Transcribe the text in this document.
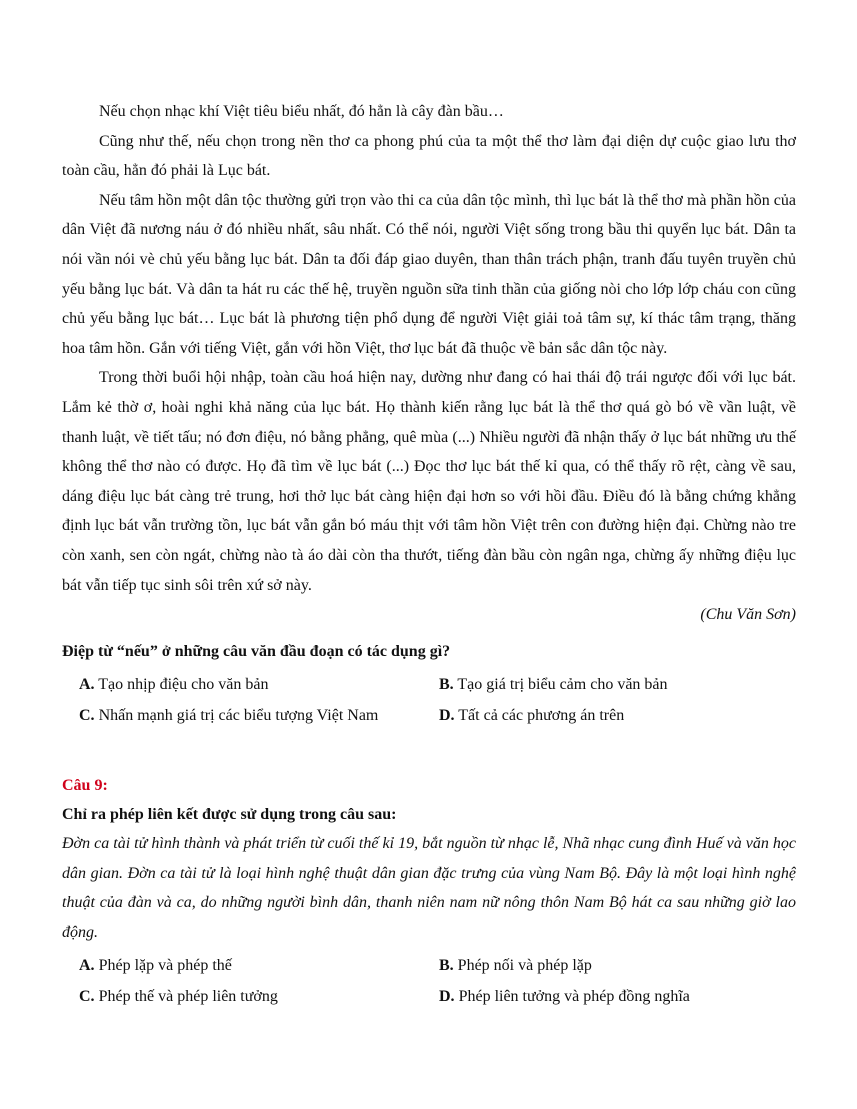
Nếu chọn nhạc khí Việt tiêu biểu nhất, đó hẳn là cây đàn bầu…

Cũng như thế, nếu chọn trong nền thơ ca phong phú của ta một thể thơ làm đại diện dự cuộc giao lưu thơ toàn cầu, hẳn đó phải là Lục bát.

Nếu tâm hồn một dân tộc thường gửi trọn vào thi ca của dân tộc mình, thì lục bát là thể thơ mà phần hồn của dân Việt đã nương náu ở đó nhiều nhất, sâu nhất. Có thể nói, người Việt sống trong bầu thi quyển lục bát. Dân ta nói vần nói vè chủ yếu bằng lục bát. Dân ta đối đáp giao duyên, than thân trách phận, tranh đấu tuyên truyền chủ yếu bằng lục bát. Và dân ta hát ru các thế hệ, truyền nguồn sữa tinh thần của giống nòi cho lớp lớp cháu con cũng chủ yếu bằng lục bát… Lục bát là phương tiện phổ dụng để người Việt giải toả tâm sự, kí thác tâm trạng, thăng hoa tâm hồn. Gắn với tiếng Việt, gắn với hồn Việt, thơ lục bát đã thuộc về bản sắc dân tộc này.

Trong thời buổi hội nhập, toàn cầu hoá hiện nay, dường như đang có hai thái độ trái ngược đối với lục bát. Lắm kẻ thờ ơ, hoài nghi khả năng của lục bát. Họ thành kiến rằng lục bát là thể thơ quá gò bó về vần luật, về thanh luật, về tiết tấu; nó đơn điệu, nó bằng phẳng, quê mùa (...) Nhiều người đã nhận thấy ở lục bát những ưu thế không thể thơ nào có được. Họ đã tìm về lục bát (...) Đọc thơ lục bát thế kỉ qua, có thể thấy rõ rệt, càng về sau, dáng điệu lục bát càng trẻ trung, hơi thở lục bát càng hiện đại hơn so với hồi đầu. Điều đó là bằng chứng khẳng định lục bát vẫn trường tồn, lục bát vẫn gắn bó máu thịt với tâm hồn Việt trên con đường hiện đại. Chừng nào tre còn xanh, sen còn ngát, chừng nào tà áo dài còn tha thướt, tiếng đàn bầu còn ngân nga, chừng ấy những điệu lục bát vẫn tiếp tục sinh sôi trên xứ sở này.

(Chu Văn Sơn)

Điệp từ “nếu” ở những câu văn đầu đoạn có tác dụng gì?

A. Tạo nhịp điệu cho văn bản	B. Tạo giá trị biểu cảm cho văn bản
C. Nhấn mạnh giá trị các biểu tượng Việt Nam	D. Tất cả các phương án trên

Câu 9:

Chỉ ra phép liên kết được sử dụng trong câu sau:

Đờn ca tài tử hình thành và phát triển từ cuối thế kỉ 19, bắt nguồn từ nhạc lễ, Nhã nhạc cung đình Huế và văn học dân gian. Đờn ca tài tử là loại hình nghệ thuật dân gian đặc trưng của vùng Nam Bộ. Đây là một loại hình nghệ thuật của đàn và ca, do những người bình dân, thanh niên nam nữ nông thôn Nam Bộ hát ca sau những giờ lao động.

A. Phép lặp và phép thế	B. Phép nối và phép lặp
C. Phép thế và phép liên tưởng	D. Phép liên tưởng và phép đồng nghĩa
